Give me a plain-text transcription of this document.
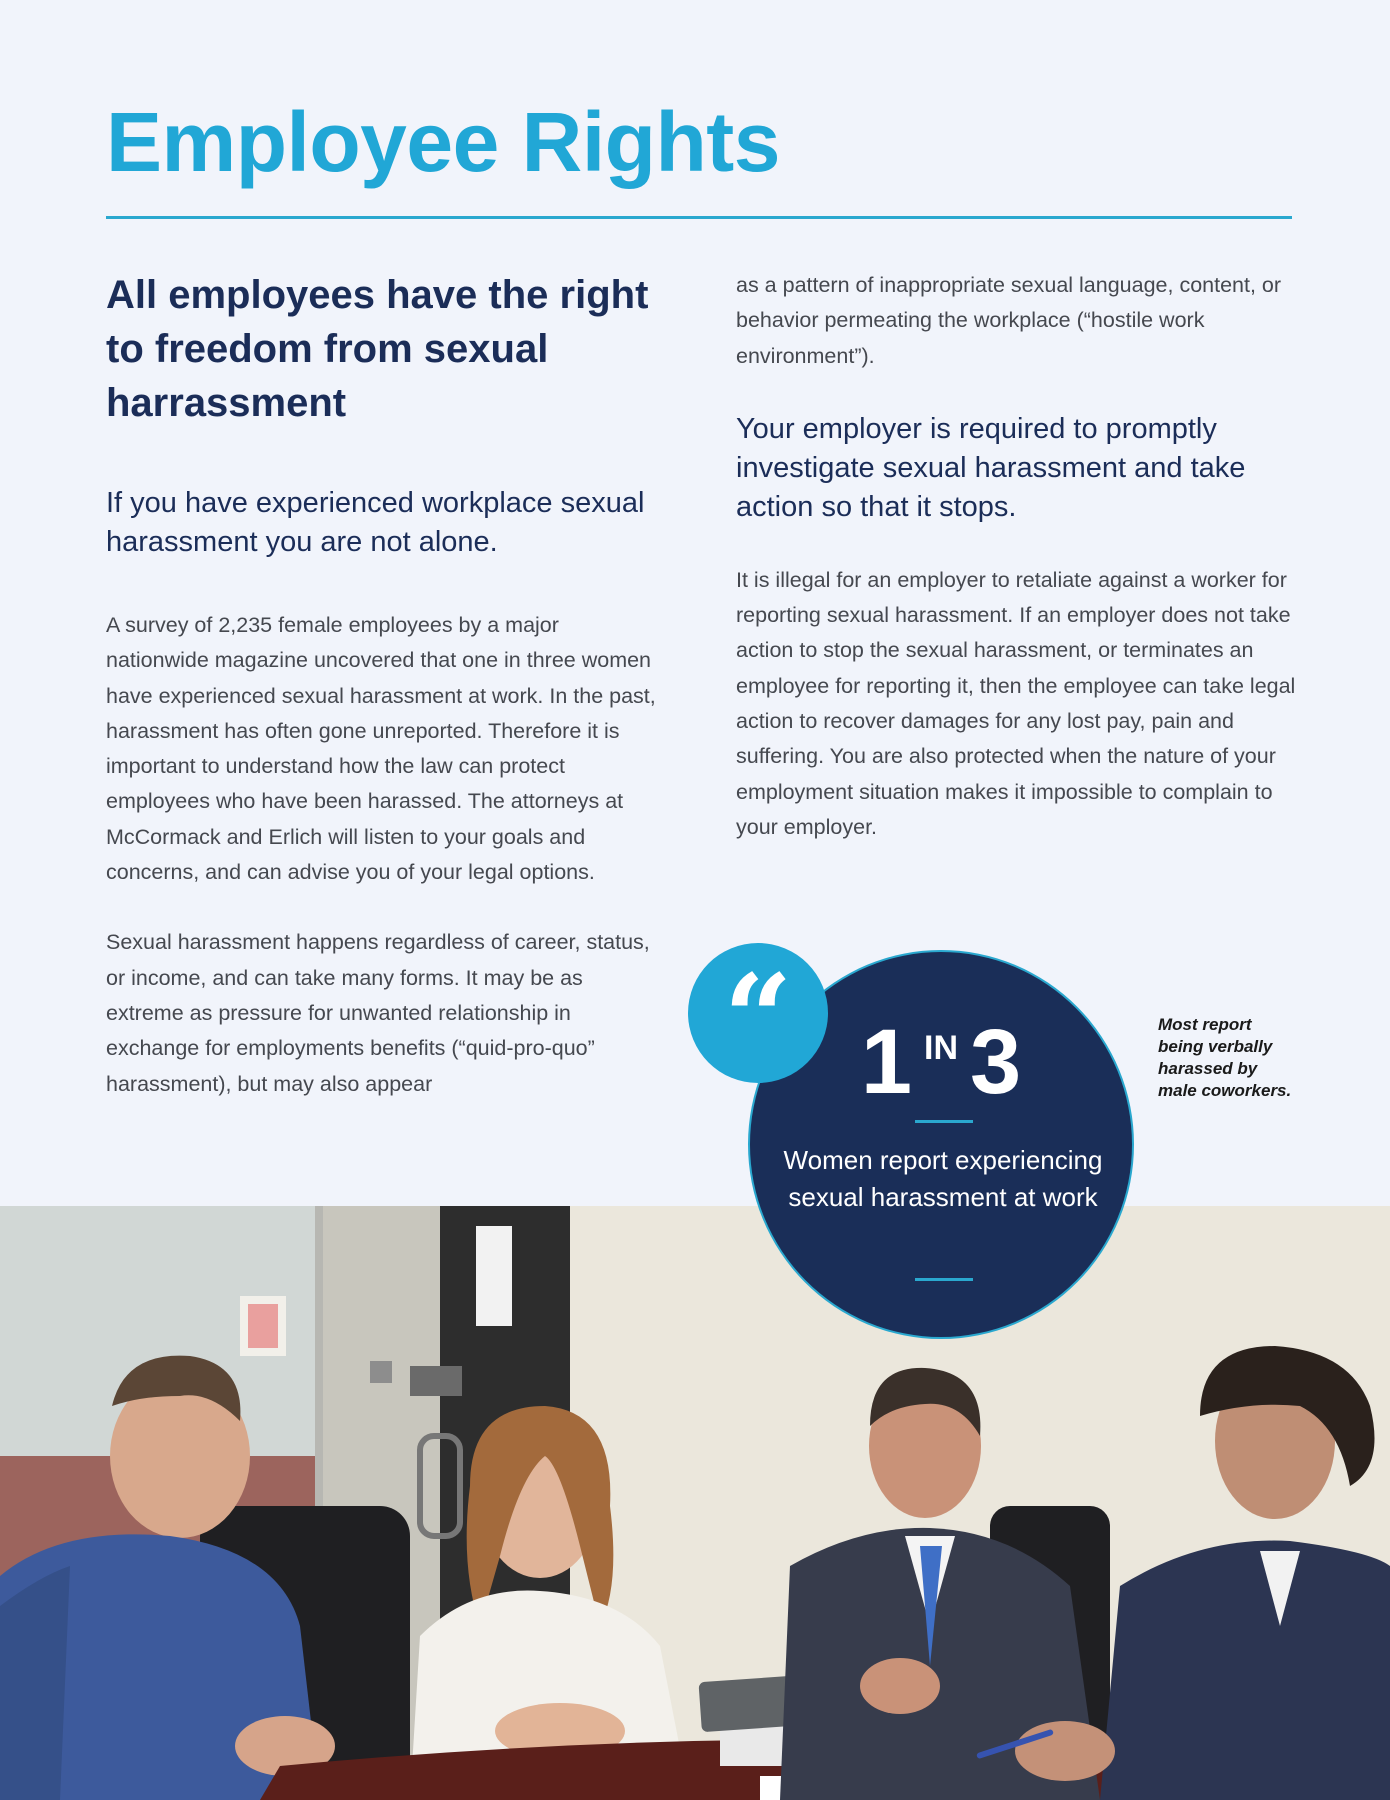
Employee Rights
All employees have the right to freedom from sexual harrassment

If you have experienced workplace sexual harassment you are not alone.

A survey of 2,235 female employees by a major nationwide magazine uncovered that one in three women have experienced sexual harassment at work. In the past, harassment has often gone unreported. Therefore it is important to understand how the law can protect employees who have been harassed. The attorneys at McCormack and Erlich will listen to your goals and concerns, and can advise you of your legal options.

Sexual harassment happens regardless of career, status, or income, and can take many forms. It may be as extreme as pressure for unwanted relationship in exchange for employments benefits (“quid-pro-quo” harassment), but may also appear

as a pattern of inappropriate sexual language, content, or behavior permeating the workplace (“hostile work environment”).

Your employer is required to promptly investigate sexual harassment and take action so that it stops.

It is illegal for an employer to retaliate against a worker for reporting sexual harassment. If an employer does not take action to stop the sexual harassment, or terminates an employee for reporting it, then the employee can take legal action to recover damages for any lost pay, pain and suffering. You are also protected when the nature of your employment situation makes it impossible to complain to your employer.

“ 1 IN 3
Women report experiencing sexual harassment at work
Most report being verbally harassed by male coworkers.
